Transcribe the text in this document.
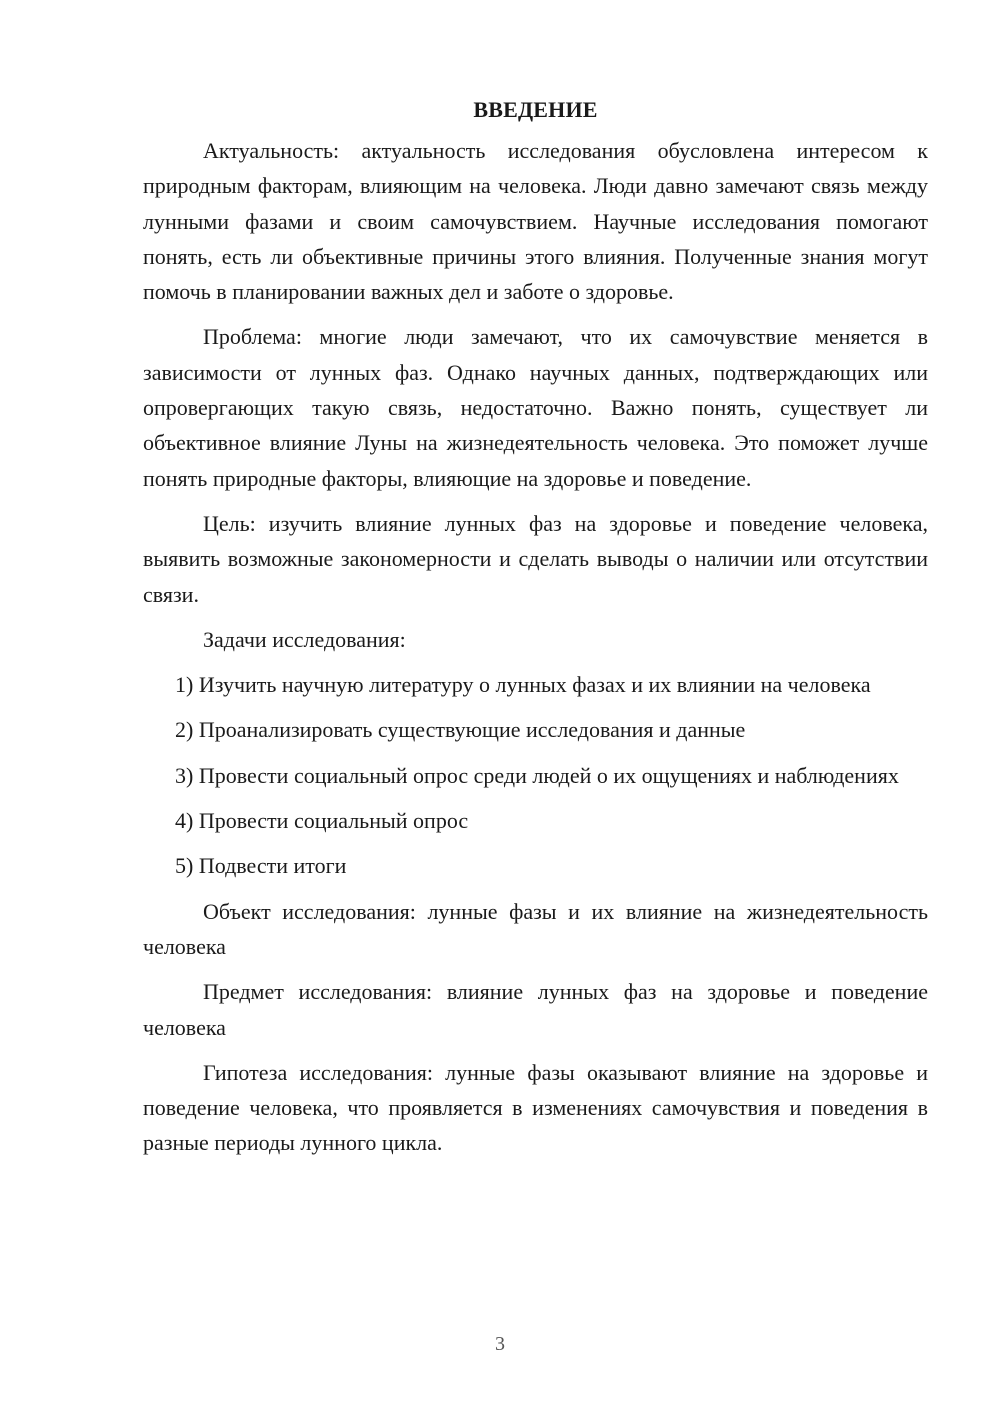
ВВЕДЕНИЕ

Актуальность: актуальность исследования обусловлена интересом к природным факторам, влияющим на человека. Люди давно замечают связь между лунными фазами и своим самочувствием. Научные исследования помогают понять, есть ли объективные причины этого влияния. Полученные знания могут помочь в планировании важных дел и заботе о здоровье.

Проблема: многие люди замечают, что их самочувствие меняется в зависимости от лунных фаз. Однако научных данных, подтверждающих или опровергающих такую связь, недостаточно. Важно понять, существует ли объективное влияние Луны на жизнедеятельность человека. Это поможет лучше понять природные факторы, влияющие на здоровье и поведение.

Цель: изучить влияние лунных фаз на здоровье и поведение человека, выявить возможные закономерности и сделать выводы о наличии или отсутствии связи.

Задачи исследования:

1) Изучить научную литературу о лунных фазах и их влиянии на человека

2) Проанализировать существующие исследования и данные

3) Провести социальный опрос среди людей о их ощущениях и наблюдениях

4) Провести социальный опрос

5) Подвести итоги

Объект исследования: лунные фазы и их влияние на жизнедеятельность человека

Предмет исследования: влияние лунных фаз на здоровье и поведение человека

Гипотеза исследования: лунные фазы оказывают влияние на здоровье и поведение человека, что проявляется в изменениях самочувствия и поведения в разные периоды лунного цикла.

3
